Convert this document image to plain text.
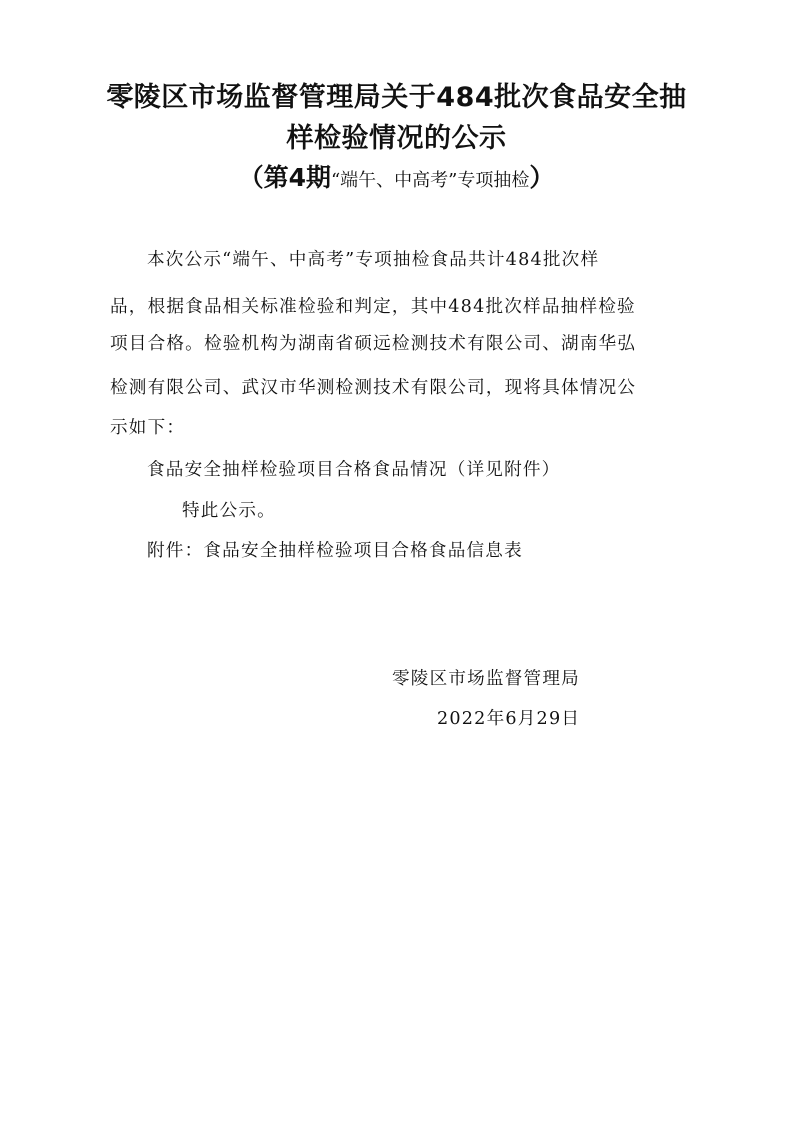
零陵区市场监督管理局关于484批次食品安全抽
样检验情况的公示
（第4期“端午、中高考”专项抽检）
本次公示“端午、中高考”专项抽检食品共计484批次样
品，根据食品相关标准检验和判定，其中484批次样品抽样检验
项目合格。检验机构为湖南省硕远检测技术有限公司、湖南华弘
检测有限公司、武汉市华测检测技术有限公司，现将具体情况公
示如下：
食品安全抽样检验项目合格食品情况（详见附件）
特此公示。
附件：食品安全抽样检验项目合格食品信息表
零陵区市场监督管理局
2022年6月29日
